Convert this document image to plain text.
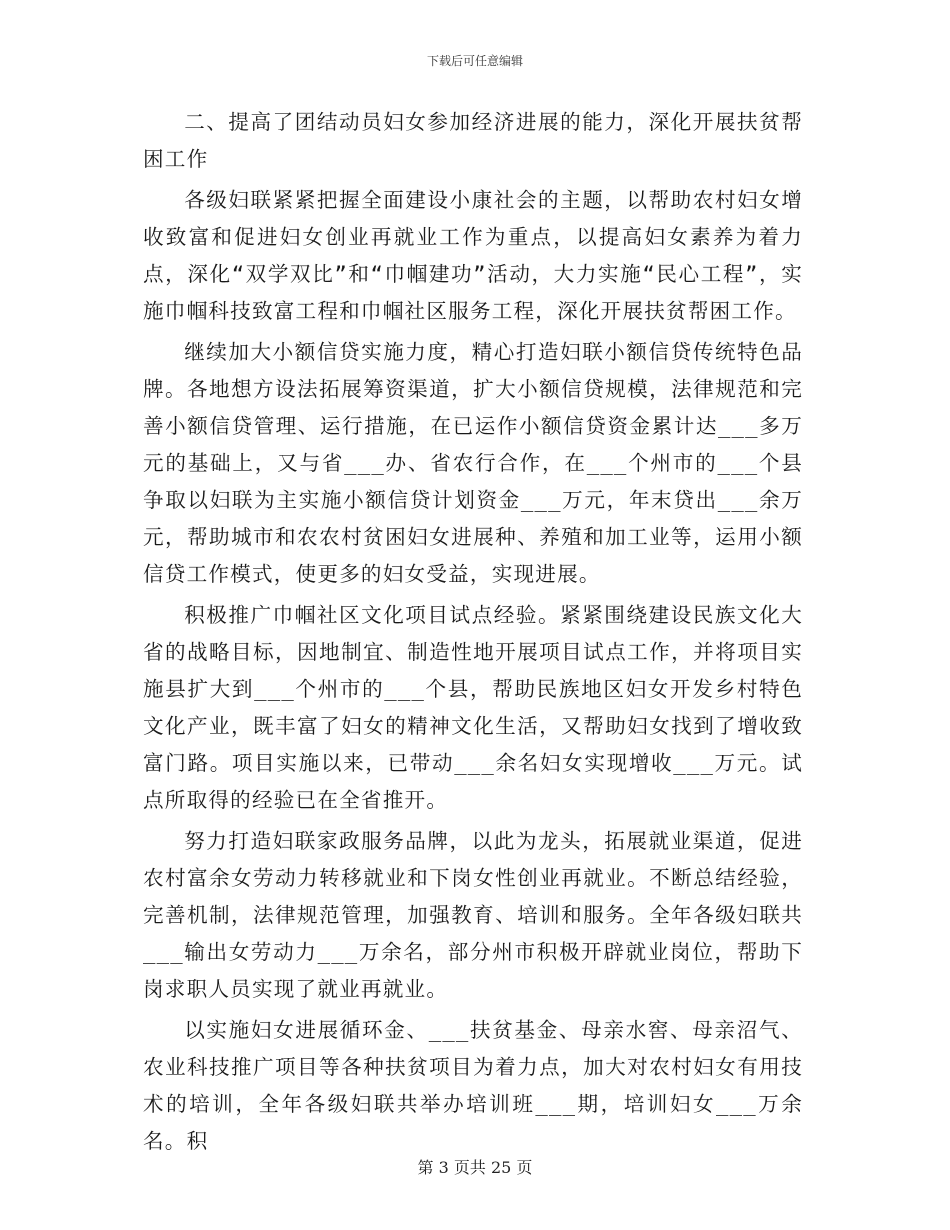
下载后可任意编辑

二、提高了团结动员妇女参加经济进展的能力，深化开展扶贫帮困工作

各级妇联紧紧把握全面建设小康社会的主题，以帮助农村妇女增收致富和促进妇女创业再就业工作为重点，以提高妇女素养为着力点，深化“双学双比”和“巾帼建功”活动，大力实施“民心工程”，实施巾帼科技致富工程和巾帼社区服务工程，深化开展扶贫帮困工作。

继续加大小额信贷实施力度，精心打造妇联小额信贷传统特色品牌。各地想方设法拓展筹资渠道，扩大小额信贷规模，法律规范和完善小额信贷管理、运行措施，在已运作小额信贷资金累计达___多万元的基础上，又与省___办、省农行合作，在___个州市的___个县争取以妇联为主实施小额信贷计划资金___万元，年末贷出___余万元，帮助城市和农农村贫困妇女进展种、养殖和加工业等，运用小额信贷工作模式，使更多的妇女受益，实现进展。

积极推广巾帼社区文化项目试点经验。紧紧围绕建设民族文化大省的战略目标，因地制宜、制造性地开展项目试点工作，并将项目实施县扩大到___个州市的___个县，帮助民族地区妇女开发乡村特色文化产业，既丰富了妇女的精神文化生活，又帮助妇女找到了增收致富门路。项目实施以来，已带动___余名妇女实现增收___万元。试点所取得的经验已在全省推开。

努力打造妇联家政服务品牌，以此为龙头，拓展就业渠道，促进农村富余女劳动力转移就业和下岗女性创业再就业。不断总结经验，完善机制，法律规范管理，加强教育、培训和服务。全年各级妇联共___输出女劳动力___万余名，部分州市积极开辟就业岗位，帮助下岗求职人员实现了就业再就业。

以实施妇女进展循环金、___扶贫基金、母亲水窖、母亲沼气、农业科技推广项目等各种扶贫项目为着力点，加大对农村妇女有用技术的培训，全年各级妇联共举办培训班___期，培训妇女___万余名。积

第 3 页共 25 页
